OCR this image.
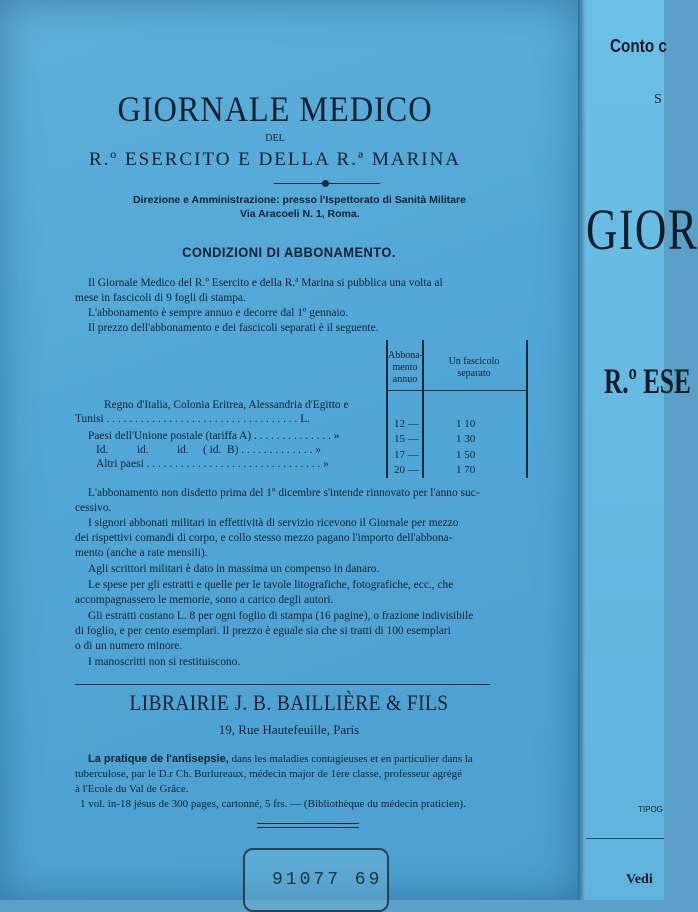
GIORNALE MEDICO
DEL
R.º ESERCITO E DELLA R.ª MARINA
Direzione e Amministrazione: presso l'Ispettorato di Sanità Militare
Via Aracoeli N. 1, Roma.
CONDIZIONI DI ABBONAMENTO.
Il Giornale Medico del R.º Esercito e della R.ª Marina si pubblica una volta al
mese in fascicoli di 9 fogli di stampa.
L'abbonamento è sempre annuo e decorre dal 1º gennaio.
Il prezzo dell'abbonamento e dei fascicoli separati è il seguente.
Abbona-
mento
annuo
Un fascicolo
separato
Regno d'Italia, Colonia Eritrea, Alessandria d'Egitto e
Tunisi . . . . . . . . . . . . . . . . . . . . . . . . . . . . . . . . . . L.	12 —	1 10
Paesi dell'Unione postale (tariffa A) . . . . . . . . . . . . . . »	15 —	1 30
Id.          id.          id.     ( id.  B) . . . . . . . . . . . . . »	17 —	1 50
Altri paesi . . . . . . . . . . . . . . . . . . . . . . . . . . . . . . . »	20 —	1 70
L'abbonamento non disdetto prima del 1º dicembre s'intende rinnovato per l'anno suc-
cessivo.
I signori abbonati militari in effettività di servizio ricevono il Giornale per mezzo
dei rispettivi comandi di corpo, e collo stesso mezzo pagano l'importo dell'abbona-
mento (anche a rate mensili).
Agli scrittori militari è dato in massima un compenso in danaro.
Le spese per gli estratti e quelle per le tavole litografiche, fotografiche, ecc., che
accompagnassero le memorie, sono a carico degli autori.
Gli estratti costano L. 8 per ogni foglio di stampa (16 pagine), o frazione indivisibile
di foglio, e per cento esemplari. Il prezzo è eguale sia che si tratti di 100 esemplari
o di un numero minore.
I manoscritti non si restituiscono.
LIBRAIRIE J. B. BAILLIÈRE & FILS
19, Rue Hautefeuille, Paris
La pratique de l'antisepsie, dans les maladies contagieuses et en particulier dans la
tuberculose, par le D.r Ch. Burlureaux, médecin major de 1ère classe, professeur agrégé
à l'Ecole du Val de Grâce.
1 vol. in-18 jésus de 300 pages, cartonné, 5 frs. — (Bibliothèque du médecin praticien).
91077 69
Conto c
S
GIOR
R.º ESE
TIPOG
Vedi
